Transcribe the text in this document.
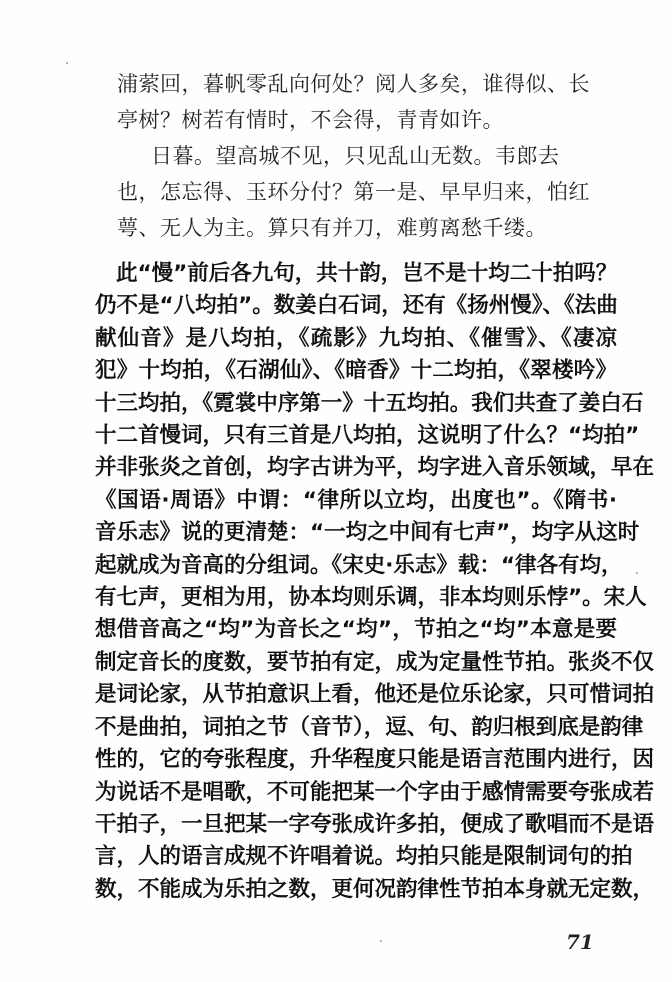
浦萦回，暮帆零乱向何处？阅人多矣，谁得似、长
亭树？树若有情时，不会得，青青如许。
日暮。望高城不见，只见乱山无数。韦郎去
也，怎忘得、玉环分付？第一是、早早归来，怕红
萼、无人为主。算只有并刀，难剪离愁千缕。
此“慢”前后各九句，共十韵，岂不是十均二十拍吗？
仍不是“八均拍”。数姜白石词，还有《扬州慢》、《法曲
献仙音》是八均拍，《疏影》九均拍、《催雪》、《凄凉
犯》十均拍，《石湖仙》、《暗香》十二均拍，《翠楼吟》
十三均拍，《霓裳中序第一》十五均拍。我们共查了姜白石
十二首慢词，只有三首是八均拍，这说明了什么？“均拍”
并非张炎之首创，均字古讲为平，均字进入音乐领域，早在
《国语·周语》中谓：“律所以立均，出度也”。《隋书·
音乐志》说的更清楚：“一均之中间有七声”，均字从这时
起就成为音高的分组词。《宋史·乐志》载：“律各有均，
有七声，更相为用，协本均则乐调，非本均则乐悖”。宋人
想借音高之“均”为音长之“均”，节拍之“均”本意是要
制定音长的度数，要节拍有定，成为定量性节拍。张炎不仅
是词论家，从节拍意识上看，他还是位乐论家，只可惜词拍
不是曲拍，词拍之节（音节），逗、句、韵归根到底是韵律
性的，它的夸张程度，升华程度只能是语言范围内进行，因
为说话不是唱歌，不可能把某一个字由于感情需要夸张成若
干拍子，一旦把某一字夸张成许多拍，便成了歌唱而不是语
言，人的语言成规不许唱着说。均拍只能是限制词句的拍
数，不能成为乐拍之数，更何况韵律性节拍本身就无定数，
71
